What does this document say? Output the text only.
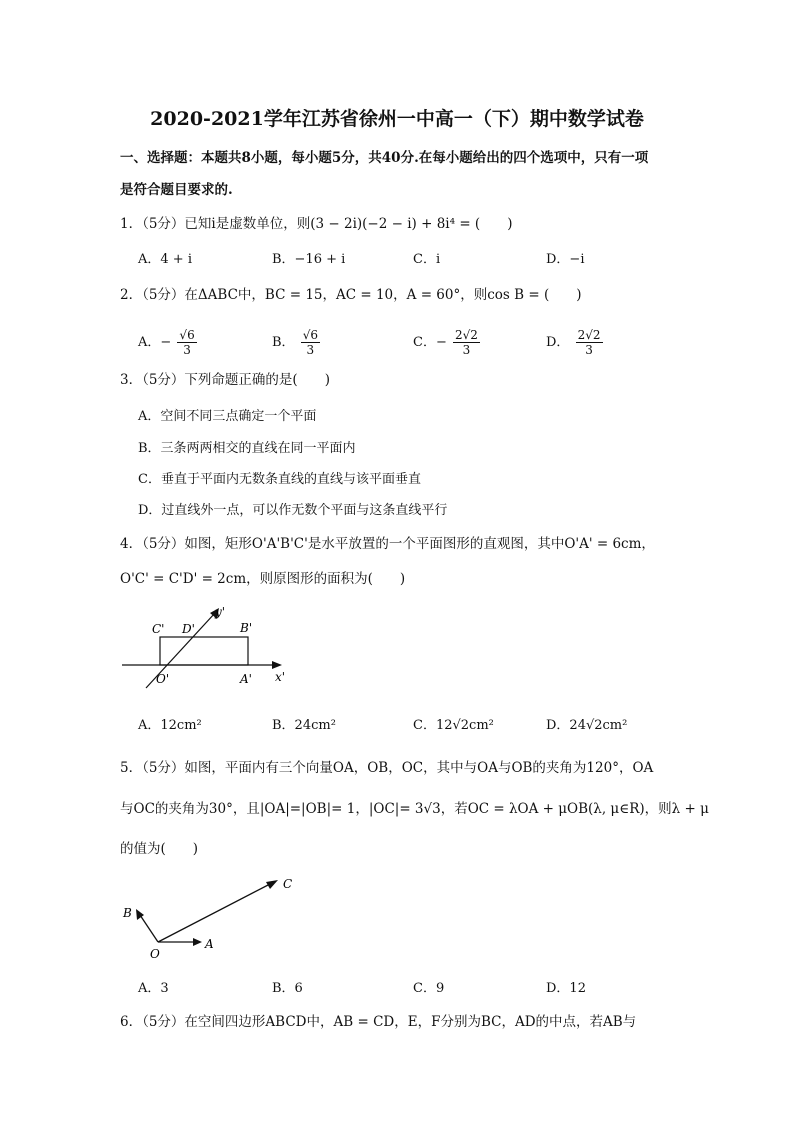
2020-2021学年江苏省徐州一中高一（下）期中数学试卷
一、选择题：本题共8小题，每小题5分，共40分.在每小题给出的四个选项中，只有一项
是符合题目要求的.
1．（5分）已知i是虚数单位，则(3 − 2i)(−2 − i) + 8i⁴ = (　　)
A．4 + i	B．−16 + i	C．i	D．−i
2．（5分）在ΔABC中，BC = 15，AC = 10，A = 60°，则cos B = (　　)
A．− $\frac{√6}{3}$	B． $\frac{√6}{3}$	C．− $\frac{2√2}{3}$	D． $\frac{2√2}{3}$
3．（5分）下列命题正确的是(　　)
A．空间不同三点确定一个平面
B．三条两两相交的直线在同一平面内
C．垂直于平面内无数条直线的直线与该平面垂直
D．过直线外一点，可以作无数个平面与这条直线平行
4．（5分）如图，矩形O'A'B'C'是水平放置的一个平面图形的直观图，其中O'A' = 6cm，
O'C' = C'D' = 2cm，则原图形的面积为(　　)
C' D'	B'
O'	A' x'
y'
A．12cm²	B．24cm²	C．12√2cm²	D．24√2cm²
5．（5分）如图，平面内有三个向量OA，OB，OC，其中与OA与OB的夹角为120°，OA
与OC的夹角为30°，且|OA|=|OB|= 1，|OC|= 3√3，若OC = λOA + μOB(λ, μ∈R)，则λ + μ
的值为(　　)
B
C
O
A
A．3	B．6	C．9	D．12
6．（5分）在空间四边形ABCD中，AB = CD，E，F分别为BC，AD的中点，若AB与
